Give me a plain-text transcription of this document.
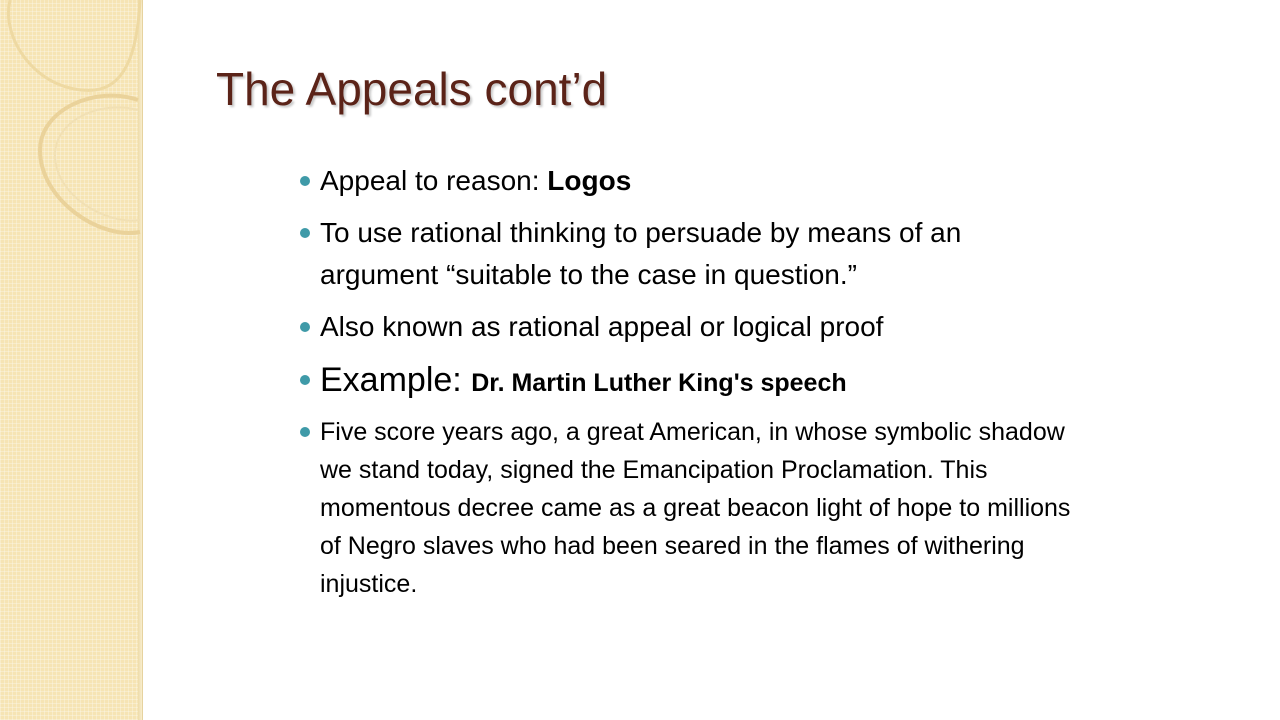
The Appeals cont’d
Appeal to reason: Logos
To use rational thinking to persuade by means of an argument “suitable to the case in question.”
Also known as rational appeal or logical proof
Example: Dr. Martin Luther King's speech
Five score years ago, a great American, in whose symbolic shadow we stand today, signed the Emancipation Proclamation. This momentous decree came as a great beacon light of hope to millions of Negro slaves who had been seared in the flames of withering injustice.
